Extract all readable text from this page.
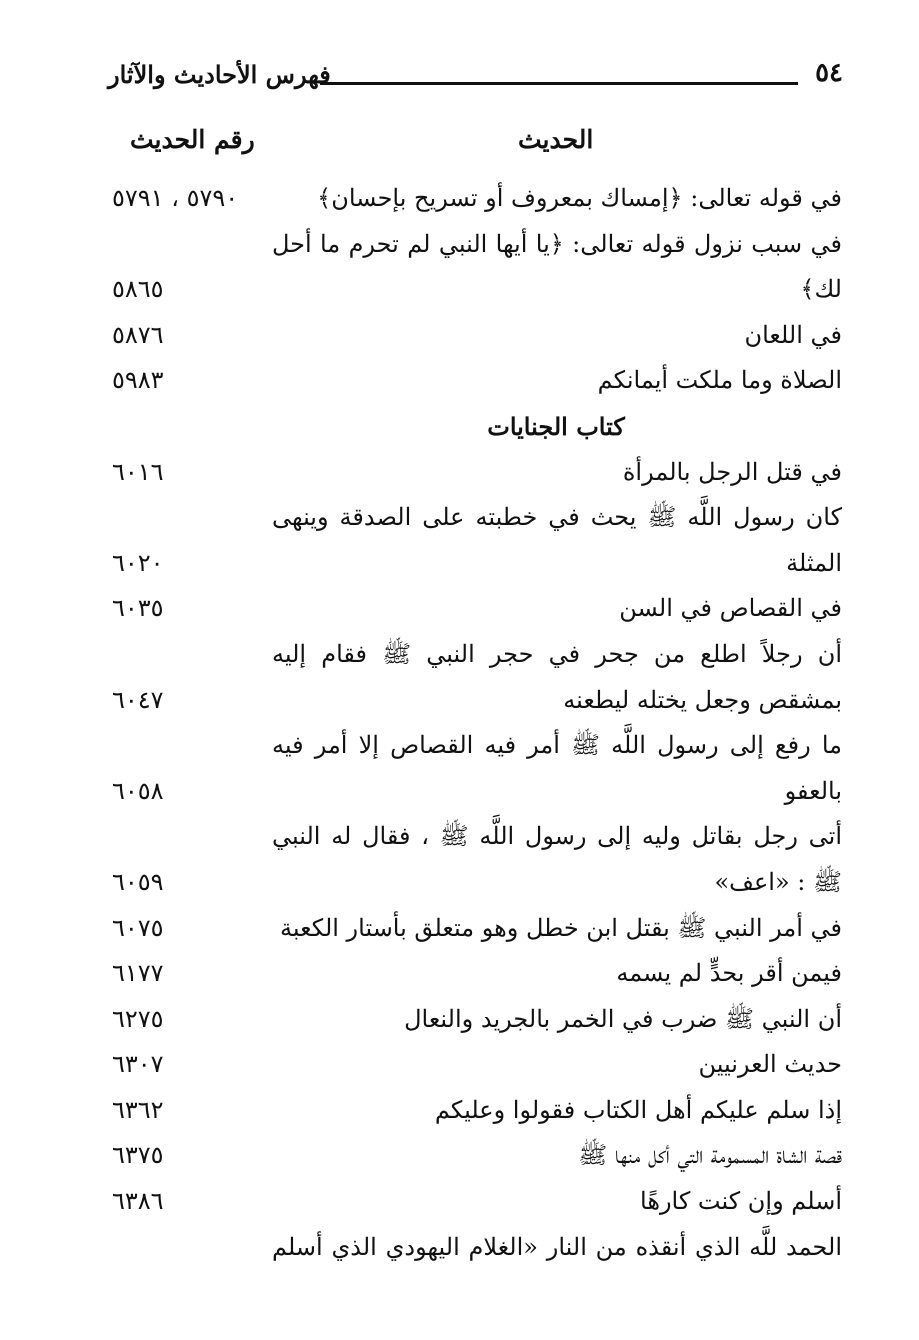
فهرس الأحاديث والآثار	٥٤
الحديث
رقم الحديث
في قوله تعالى: ﴿إمساك بمعروف أو تسريح بإحسان﴾
٥٧٩٠ ، ٥٧٩١
في سبب نزول قوله تعالى: ﴿يا أيها النبي لم تحرم ما أحل
لك﴾
٥٨٦٥
في اللعان
٥٨٧٦
الصلاة وما ملكت أيمانكم
٥٩٨٣
كتاب الجنايات
في قتل الرجل بالمرأة
٦٠١٦
كان رسول اللَّه ﷺ يحث في خطبته على الصدقة وينهى
المثلة
٦٠٢٠
في القصاص في السن
٦٠٣٥
أن رجلاً اطلع من جحر في حجر النبي ﷺ فقام إليه
بمشقص وجعل يختله ليطعنه
٦٠٤٧
ما رفع إلى رسول اللَّه ﷺ أمر فيه القصاص إلا أمر فيه
بالعفو
٦٠٥٨
أتى رجل بقاتل وليه إلى رسول اللَّه ﷺ ، فقال له النبي
ﷺ : «اعف»
٦٠٥٩
في أمر النبي ﷺ بقتل ابن خطل وهو متعلق بأستار الكعبة
٦٠٧٥
فيمن أقر بحدٍّ لم يسمه
٦١٧٧
أن النبي ﷺ ضرب في الخمر بالجريد والنعال
٦٢٧٥
حديث العرنيين
٦٣٠٧
إذا سلم عليكم أهل الكتاب فقولوا وعليكم
٦٣٦٢
قصة الشاة المسمومة التي أكل منها ﷺ
٦٣٧٥
أسلم وإن كنت كارهًا
٦٣٨٦
الحمد للَّه الذي أنقذه من النار «الغلام اليهودي الذي أسلم
